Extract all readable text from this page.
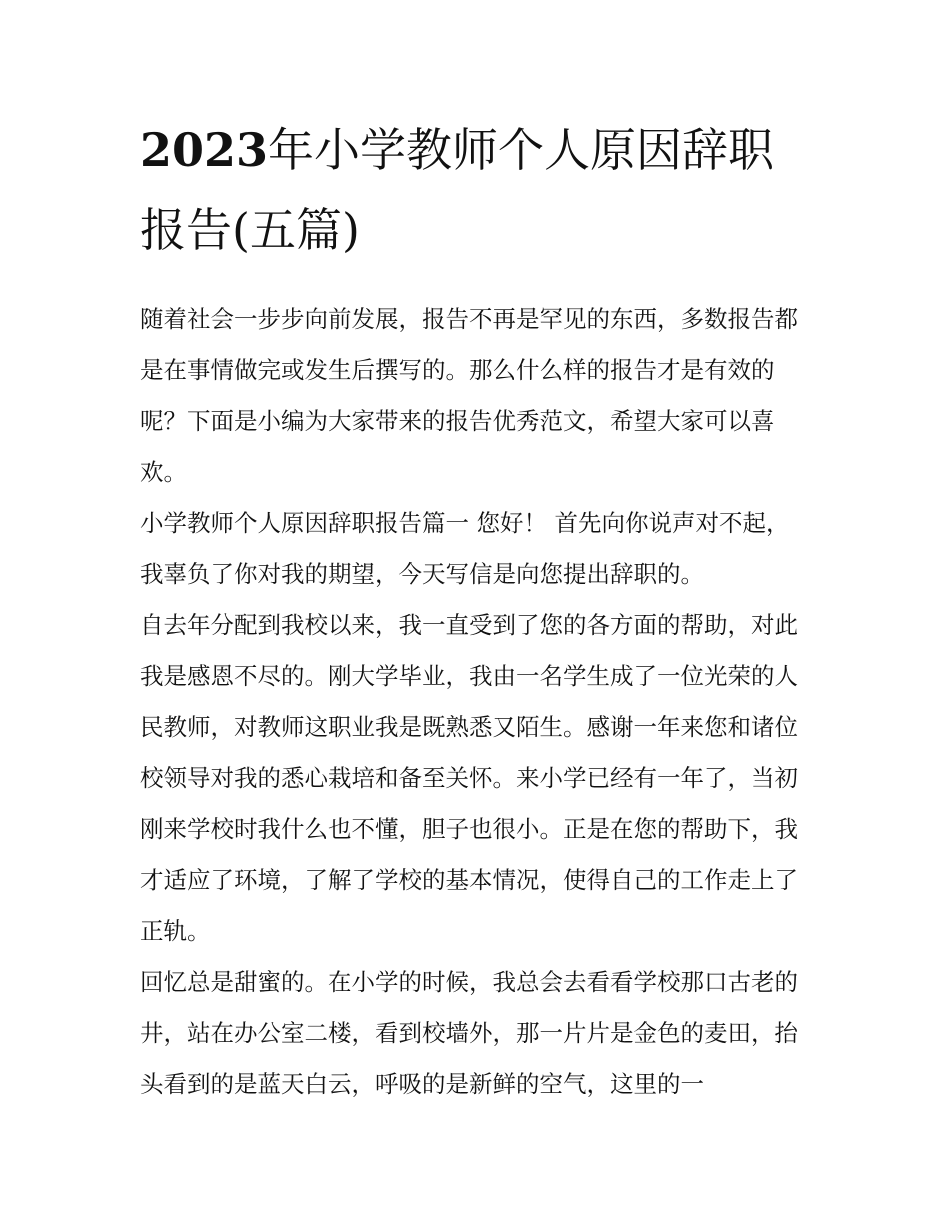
2023年小学教师个人原因辞职报告(五篇)

随着社会一步步向前发展，报告不再是罕见的东西，多数报告都是在事情做完或发生后撰写的。那么什么样的报告才是有效的呢？下面是小编为大家带来的报告优秀范文，希望大家可以喜欢。

小学教师个人原因辞职报告篇一 您好！ 首先向你说声对不起，我辜负了你对我的期望，今天写信是向您提出辞职的。

自去年分配到我校以来，我一直受到了您的各方面的帮助，对此我是感恩不尽的。刚大学毕业，我由一名学生成了一位光荣的人民教师，对教师这职业我是既熟悉又陌生。感谢一年来您和诸位校领导对我的悉心栽培和备至关怀。来小学已经有一年了，当初刚来学校时我什么也不懂，胆子也很小。正是在您的帮助下，我才适应了环境，了解了学校的基本情况，使得自己的工作走上了正轨。

回忆总是甜蜜的。在小学的时候，我总会去看看学校那口古老的井，站在办公室二楼，看到校墙外，那一片片是金色的麦田，抬头看到的是蓝天白云，呼吸的是新鲜的空气，这里的一
